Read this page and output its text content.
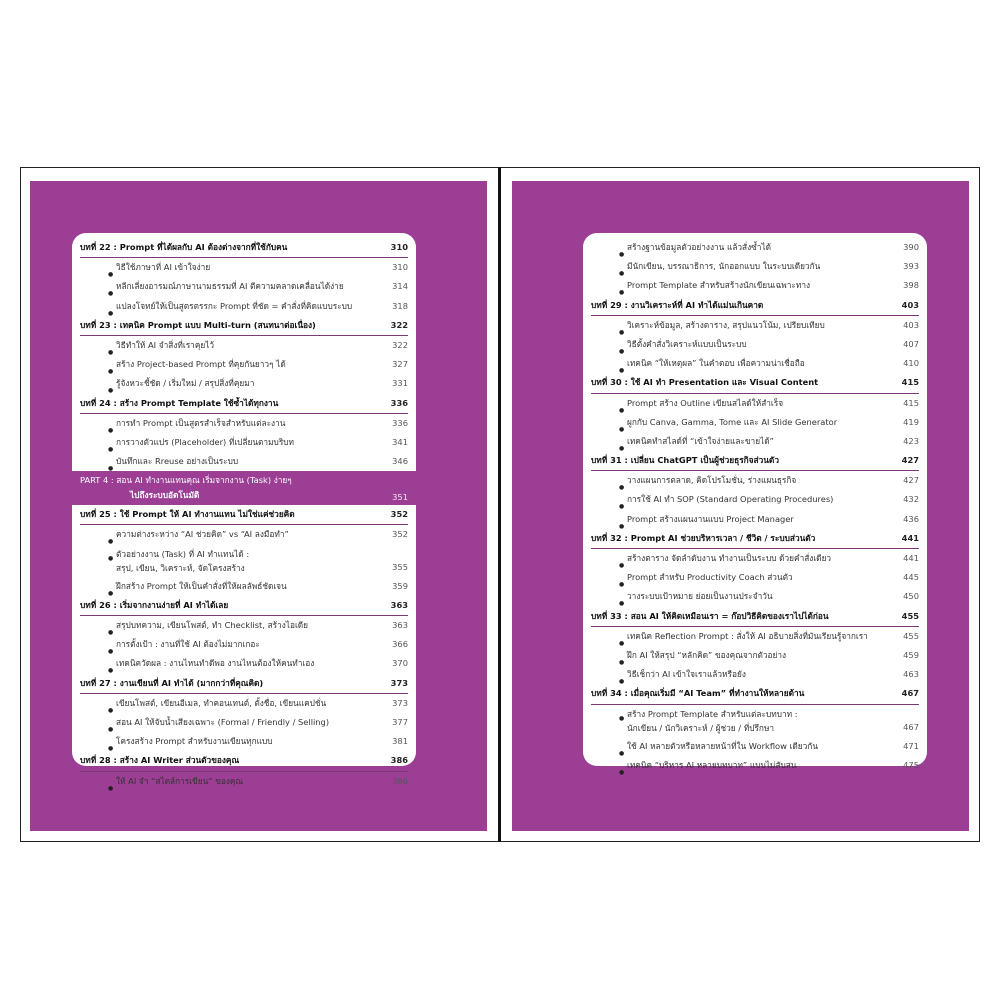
บทที่ 22 : Prompt ที่ได้ผลกับ AI ต้องต่างจากที่ใช้กับคน	310
● วิธีใช้ภาษาที่ AI เข้าใจง่าย	310
● หลีกเลี่ยงอารมณ์ภาษานามธรรมที่ AI ตีความคลาดเคลื่อนได้ง่าย	314
● แปลงโจทย์ให้เป็นสูตรตรรกะ Prompt ที่ชัด = คำสั่งที่คิดแบบระบบ	318
บทที่ 23 : เทคนิค Prompt แบบ Multi-turn (สนทนาต่อเนื่อง)	322
● วิธีทำให้ AI จำสิ่งที่เราคุยไว้	322
● สร้าง Project-based Prompt ที่คุยกันยาวๆ ได้	327
● รู้จังหวะชี้ชัด / เริ่มใหม่ / สรุปสิ่งที่คุยมา	331
บทที่ 24 : สร้าง Prompt Template ใช้ซ้ำได้ทุกงาน	336
● การทำ Prompt เป็นสูตรสำเร็จสำหรับแต่ละงาน	336
● การวางตัวแปร (Placeholder) ที่เปลี่ยนตามบริบท	341
● บันทึกและ Rreuse อย่างเป็นระบบ	346
PART 4 : สอน AI ทำงานแทนคุณ เริ่มจากงาน (Task) ง่ายๆ
ไปถึงระบบอัตโนมัติ	351
บทที่ 25 : ใช้ Prompt ให้ AI ทำงานแทน ไม่ใช่แค่ช่วยคิด	352
● ความต่างระหว่าง “AI ช่วยคิด” vs “AI ลงมือทำ”	352
● ตัวอย่างงาน (Task) ที่ AI ทำแทนได้ :
สรุป, เขียน, วิเคราะห์, จัดโครงสร้าง	355
● ฝึกสร้าง Prompt ให้เป็นคำสั่งที่ให้ผลลัพธ์ชัดเจน	359
บทที่ 26 : เริ่มจากงานง่ายที่ AI ทำได้เลย	363
● สรุปบทความ, เขียนโพสต์, ทำ Checklist, สร้างไอเดีย	363
● การตั้งเป้า : งานที่ใช้ AI ต้องไม่มากเกอะ	366
● เทคนิควัดผล : งานไหนทำดีพอ งานไหนต้องให้คนทำเอง	370
บทที่ 27 : งานเขียนที่ AI ทำได้ (มากกว่าที่คุณคิด)	373
● เขียนโพสต์, เขียนอีเมล, ทำคอนเทนต์, ตั้งชื่อ, เขียนแคปชั่น	373
● สอน AI ให้จับน้ำเสียงเฉพาะ (Formal / Friendly / Selling)	377
● โครงสร้าง Prompt สำหรับงานเขียนทุกแบบ	381
บทที่ 28 : สร้าง AI Writer ส่วนตัวของคุณ	386
● ให้ AI จำ “สไตล์การเขียน” ของคุณ	386
● สร้างฐานข้อมูลตัวอย่างงาน แล้วสั่งซ้ำได้	390
● มีนักเขียน, บรรณาธิการ, นักออกแบบ ในระบบเดียวกัน	393
● Prompt Template สำหรับสร้างนักเขียนเฉพาะทาง	398
บทที่ 29 : งานวิเคราะห์ที่ AI ทำได้แม่นเกินคาด	403
● วิเคราะห์ข้อมูล, สร้างตาราง, สรุปแนวโน้ม, เปรียบเทียบ	403
● วิธีตั้งคำสั่งวิเคราะห์แบบเป็นระบบ	407
● เทคนิค “ให้เหตุผล” ในคำตอบ เพื่อความน่าเชื่อถือ	410
บทที่ 30 : ใช้ AI ทำ Presentation และ Visual Content	415
● Prompt สร้าง Outline เขียนสไลด์ให้สำเร็จ	415
● ผูกกับ Canva, Gamma, Tome และ AI Slide Generator	419
● เทคนิคทำสไลด์ที่ “เข้าใจง่ายและขายได้”	423
บทที่ 31 : เปลี่ยน ChatGPT เป็นผู้ช่วยธุรกิจส่วนตัว	427
● วางแผนการตลาด, คิดโปรโมชั่น, ร่างแผนธุรกิจ	427
● การใช้ AI ทำ SOP (Standard Operating Procedures)	432
● Prompt สร้างแผนงานแบบ Project Manager	436
บทที่ 32 : Prompt AI ช่วยบริหารเวลา / ชีวิต / ระบบส่วนตัว	441
● สร้างตาราง จัดลำดับงาน ทำงานเป็นระบบ ด้วยคำสั่งเดียว	441
● Prompt สำหรับ Productivity Coach ส่วนตัว	445
● วางระบบเป้าหมาย ย่อยเป็นงานประจำวัน	450
บทที่ 33 : สอน AI ให้คิดเหมือนเรา = ก๊อปวิธีคิดของเราไปได้ก่อน	455
● เทคนิค Reflection Prompt : สั่งให้ AI อธิบายสิ่งที่มันเรียนรู้จากเรา	455
● ฝึก AI ให้สรุป “หลักคิด” ของคุณจากตัวอย่าง	459
● วิธีเช็กว่า AI เข้าใจเราแล้วหรือยัง	463
บทที่ 34 : เมื่อคุณเริ่มมี “AI Team” ที่ทำงานให้หลายด้าน	467
● สร้าง Prompt Template สำหรับแต่ละบทบาท :
นักเขียน / นักวิเคราะห์ / ผู้ช่วย / ที่ปรึกษา	467
● ใช้ AI หลายตัวหรือหลายหน้าที่ใน Workflow เดียวกัน	471
● เทคนิค “บริหาร AI หลายบทบาท” แบบไม่สับสน	475
